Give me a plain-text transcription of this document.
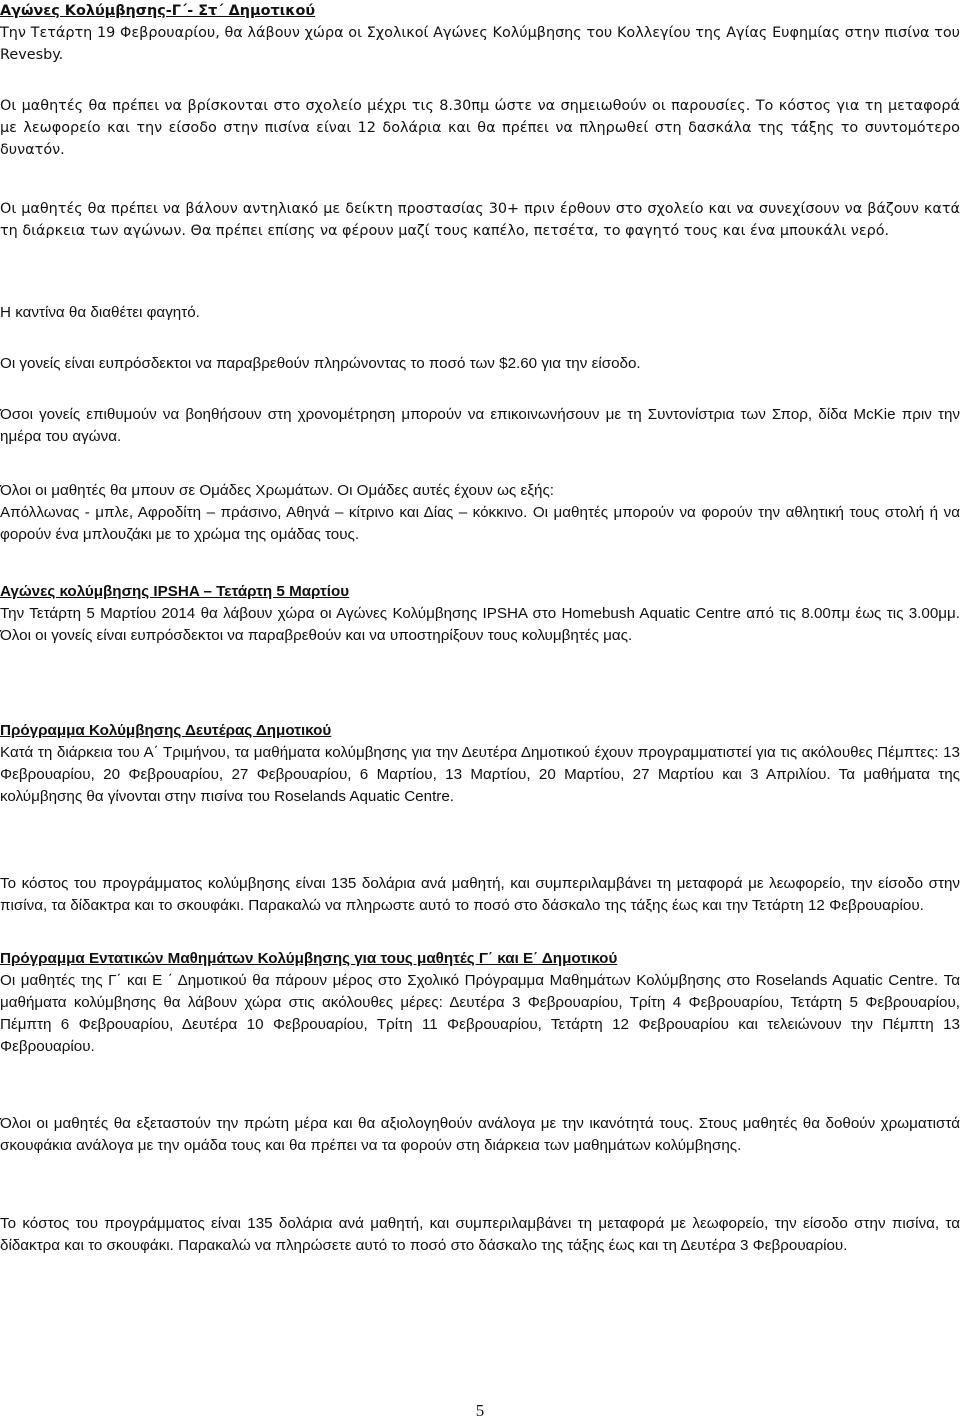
Αγώνες Κολύμβησης-Γ΄- Στ΄ Δημοτικού

Την Τετάρτη 19 Φεβρουαρίου, θα λάβουν χώρα οι Σχολικοί Αγώνες Κολύμβησης του Κολλεγίου της Αγίας Ευφημίας στην πισίνα του Revesby.

Οι μαθητές θα πρέπει να βρίσκονται στο σχολείο μέχρι τις 8.30πμ ώστε να σημειωθούν οι παρουσίες. Το κόστος για τη μεταφορά με λεωφορείο και την είσοδο στην πισίνα είναι 12 δολάρια και θα πρέπει να πληρωθεί στη δασκάλα της τάξης το συντομότερο δυνατόν.
Οι μαθητές θα πρέπει να βάλουν αντηλιακό με δείκτη προστασίας 30+ πριν έρθουν στο σχολείο και να συνεχίσουν να βάζουν κατά τη διάρκεια των αγώνων. Θα πρέπει επίσης να φέρουν μαζί τους καπέλο, πετσέτα, το φαγητό τους και ένα μπουκάλι νερό.
Η καντίνα θα διαθέτει φαγητό.
Οι γονείς είναι ευπρόσδεκτοι να παραβρεθούν πληρώνοντας το ποσό των $2.60 για την είσοδο.
Όσοι γονείς επιθυμούν να βοηθήσουν στη χρονομέτρηση μπορούν να επικοινωνήσουν με τη Συντονίστρια των Σπορ, δίδα McKie πριν την ημέρα του αγώνα.

Όλοι οι μαθητές θα μπουν σε Ομάδες Χρωμάτων. Οι Ομάδες αυτές έχουν ως εξής:

Απόλλωνας - μπλε, Αφροδίτη – πράσινο, Αθηνά – κίτρινο και Δίας – κόκκινο. Οι μαθητές μπορούν να φορούν την αθλητική τους στολή ή να φορούν ένα μπλουζάκι με το χρώμα της ομάδας τους.

Αγώνες κολύμβησης IPSHA – Τετάρτη 5 Μαρτίου

Την Τετάρτη 5 Μαρτίου 2014 θα λάβουν χώρα οι Αγώνες Κολύμβησης IPSHA στο Homebush Aquatic Centre από τις 8.00πμ έως τις 3.00μμ. Όλοι οι γονείς είναι ευπρόσδεκτοι να παραβρεθούν και να υποστηρίξουν τους κολυμβητές μας.

Πρόγραμμα Κολύμβησης Δευτέρας Δημοτικού

Κατά τη διάρκεια του Α΄ Τριμήνου, τα μαθήματα κολύμβησης για την Δευτέρα Δημοτικού έχουν προγραμματιστεί για τις ακόλουθες Πέμπτες: 13 Φεβρουαρίου, 20 Φεβρουαρίου, 27 Φεβρουαρίου, 6 Μαρτίου, 13 Μαρτίου, 20 Μαρτίου, 27 Μαρτίου και 3 Απριλίου. Τα μαθήματα της κολύμβησης θα γίνονται στην πισίνα του Roselands Aquatic Centre.

Το κόστος του προγράμματος κολύμβησης είναι 135 δολάρια ανά μαθητή, και συμπεριλαμβάνει τη μεταφορά με λεωφορείο, την είσοδο στην πισίνα, τα δίδακτρα και το σκουφάκι. Παρακαλώ να πληρωστε αυτό το ποσό στο δάσκαλο της τάξης έως και την Τετάρτη 12 Φεβρουαρίου.

Πρόγραμμα Εντατικών Μαθημάτων Κολύμβησης για τους μαθητές Γ΄ και Ε΄ Δημοτικού

Οι μαθητές της Γ΄ και Ε ΄ Δημοτικού θα πάρουν μέρος στο Σχολικό Πρόγραμμα Μαθημάτων Κολύμβησης στο Roselands Aquatic Centre. Τα μαθήματα κολύμβησης θα λάβουν χώρα στις ακόλουθες μέρες: Δευτέρα 3 Φεβρουαρίου, Τρίτη 4 Φεβρουαρίου, Τετάρτη 5 Φεβρουαρίου, Πέμπτη 6 Φεβρουαρίου, Δευτέρα 10 Φεβρουαρίου, Τρίτη 11 Φεβρουαρίου, Τετάρτη 12 Φεβρουαρίου και τελειώνουν την Πέμπτη 13 Φεβρουαρίου.

Όλοι οι μαθητές θα εξεταστούν την πρώτη μέρα και θα αξιολογηθούν ανάλογα με την ικανότητά τους. Στους μαθητές θα δοθούν χρωματιστά σκουφάκια ανάλογα με την ομάδα τους και θα πρέπει να τα φορούν στη διάρκεια των μαθημάτων κολύμβησης.
Το κόστος του προγράμματος είναι 135 δολάρια ανά μαθητή, και συμπεριλαμβάνει τη μεταφορά με λεωφορείο, την είσοδο στην πισίνα, τα δίδακτρα και το σκουφάκι. Παρακαλώ να πληρώσετε αυτό το ποσό στο δάσκαλο της τάξης έως και τη Δευτέρα 3 Φεβρουαρίου.
5
